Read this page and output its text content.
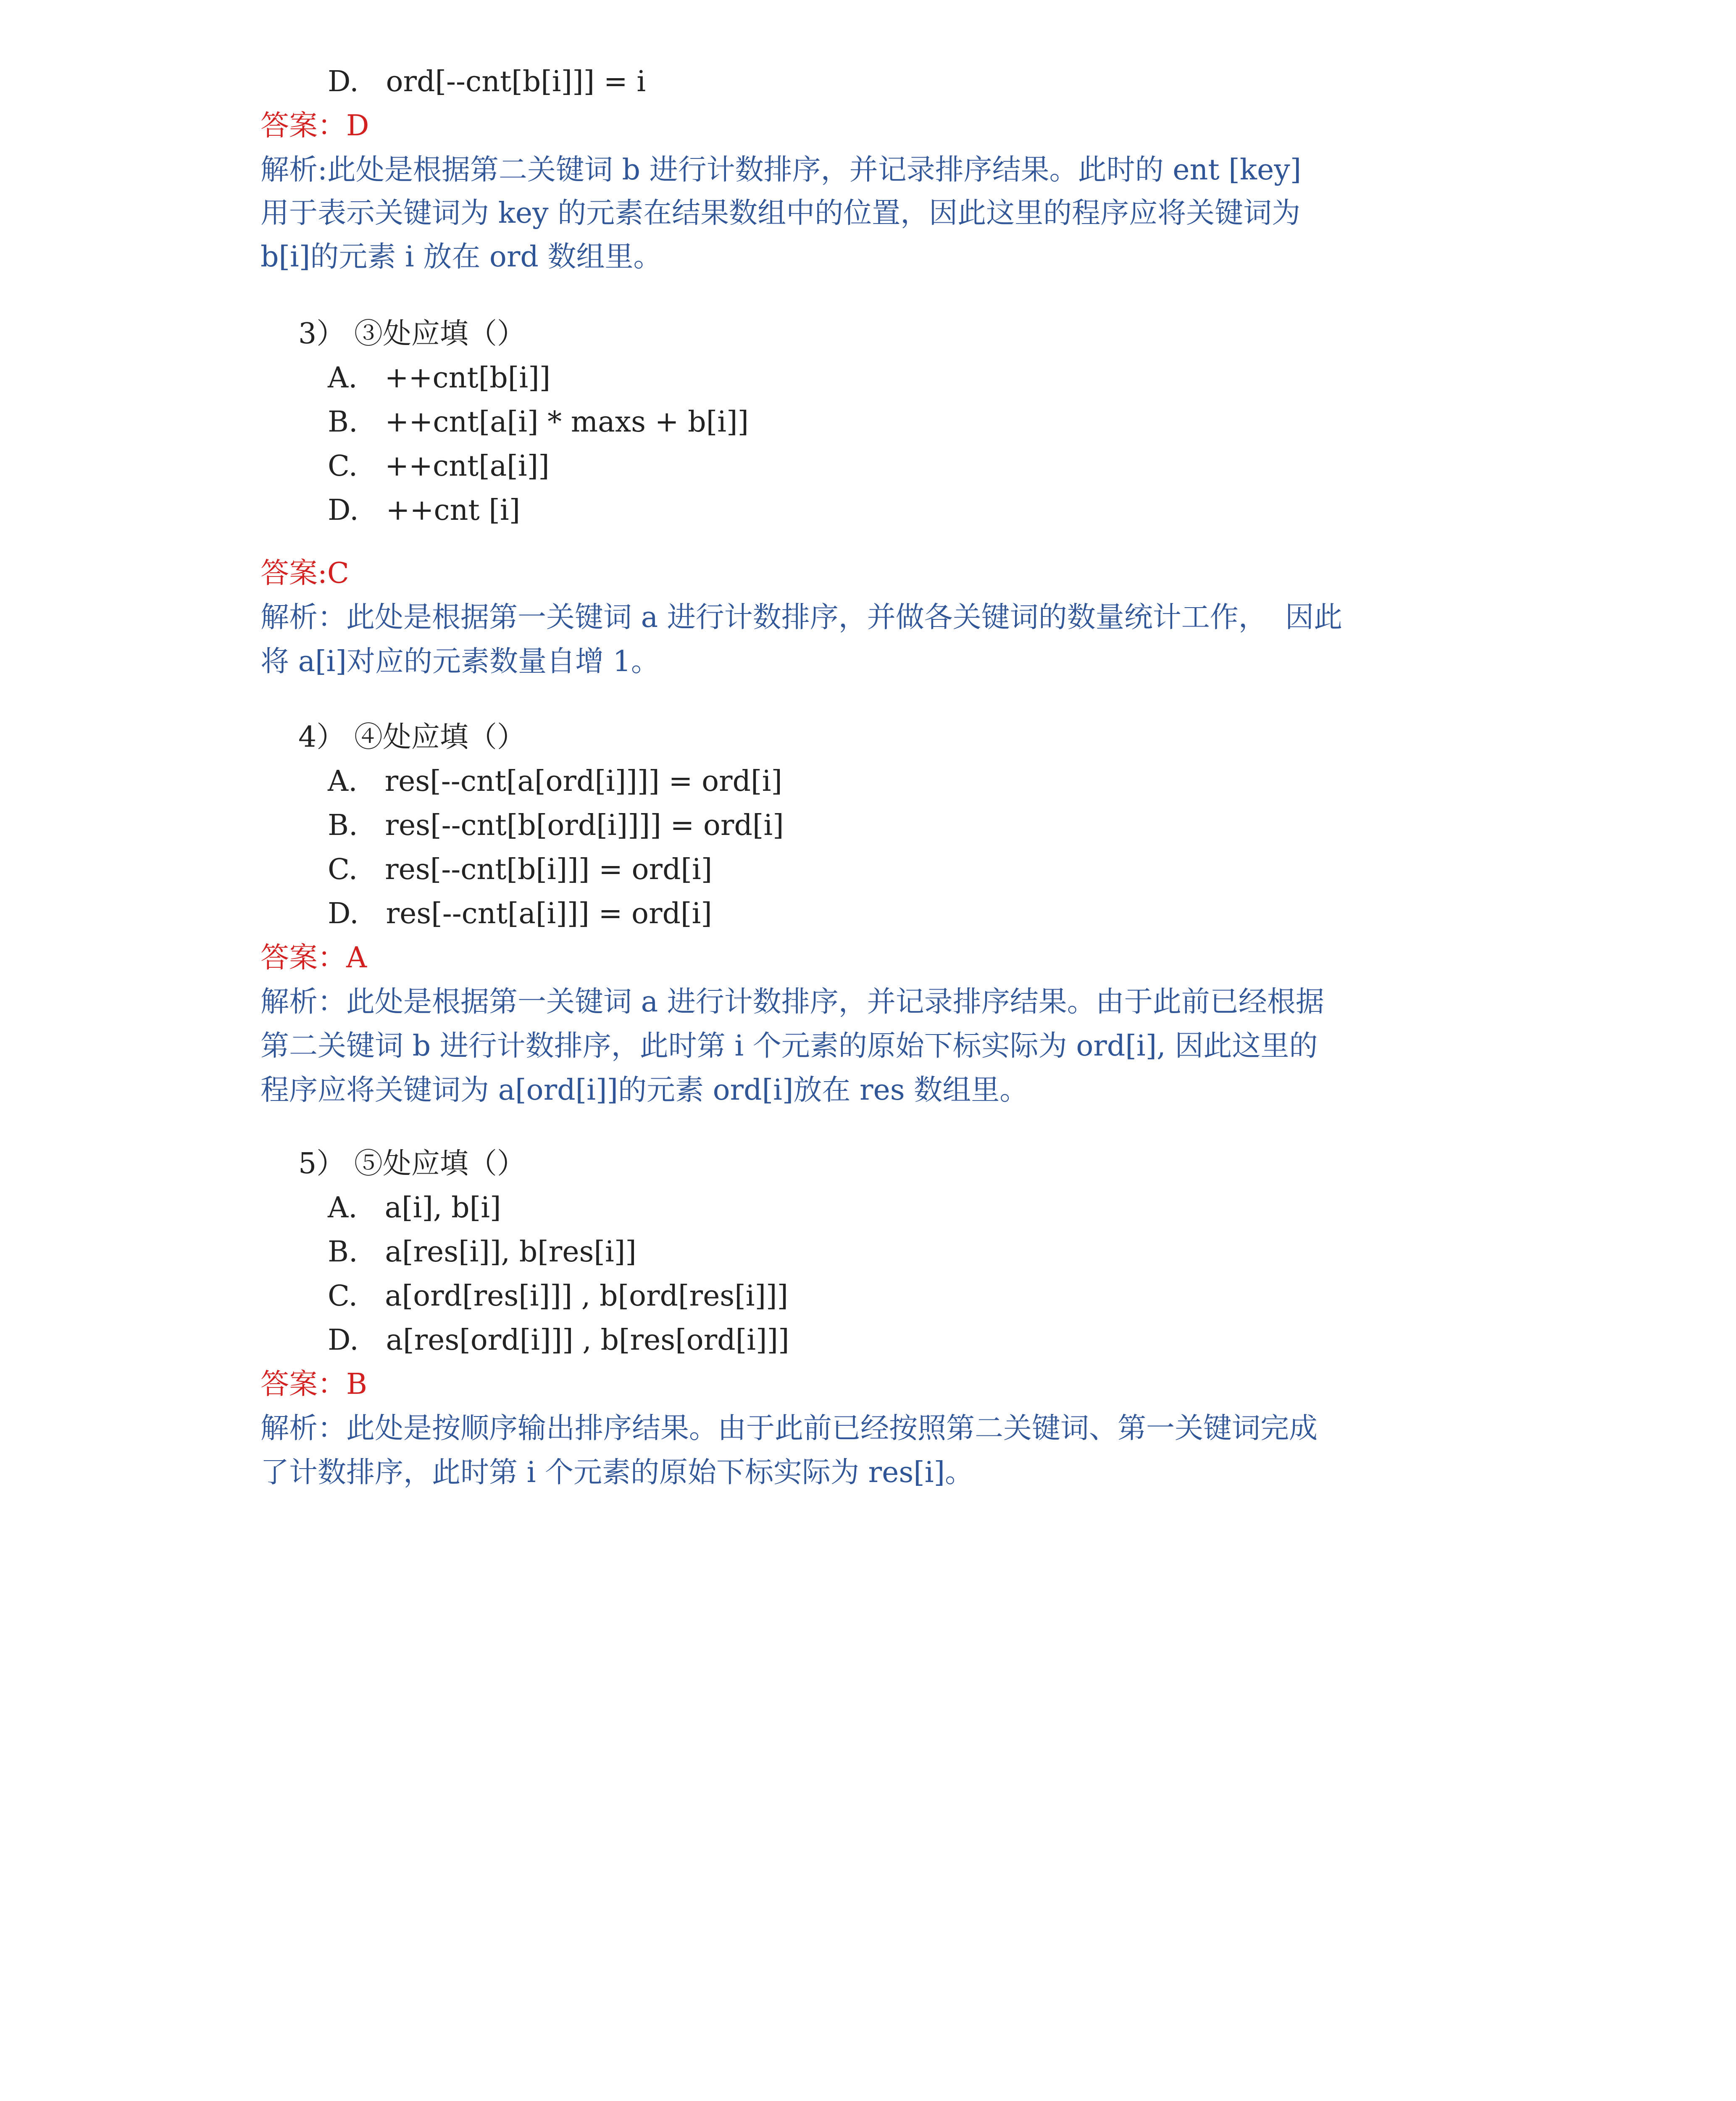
D.   ord[--cnt[b[i]]] = i
答案：D
解析:此处是根据第二关键词 b 进行计数排序，并记录排序结果。此时的 ent [key]
用于表示关键词为 key 的元素在结果数组中的位置，因此这里的程序应将关键词为
b[i]的元素 i 放在 ord 数组里。
3） ③处应填（）
A.   ++cnt[b[i]]
B.   ++cnt[a[i] * maxs + b[i]]
C.   ++cnt[a[i]]
D.   ++cnt [i]
答案:C
解析：此处是根据第一关键词 a 进行计数排序，并做各关键词的数量统计工作，  因此
将 a[i]对应的元素数量自增 1。
4） ④处应填（）
A.   res[--cnt[a[ord[i]]]] = ord[i]
B.   res[--cnt[b[ord[i]]]] = ord[i]
C.   res[--cnt[b[i]]] = ord[i]
D.   res[--cnt[a[i]]] = ord[i]
答案：A
解析：此处是根据第一关键词 a 进行计数排序，并记录排序结果。由于此前已经根据
第二关键词 b 进行计数排序，此时第 i 个元素的原始下标实际为 ord[i], 因此这里的
程序应将关键词为 a[ord[i]]的元素 ord[i]放在 res 数组里。
5） ⑤处应填（）
A.   a[i], b[i]
B.   a[res[i]], b[res[i]]
C.   a[ord[res[i]]] , b[ord[res[i]]]
D.   a[res[ord[i]]] , b[res[ord[i]]]
答案：B
解析：此处是按顺序输出排序结果。由于此前已经按照第二关键词、第一关键词完成
了计数排序，此时第 i 个元素的原始下标实际为 res[i]。
